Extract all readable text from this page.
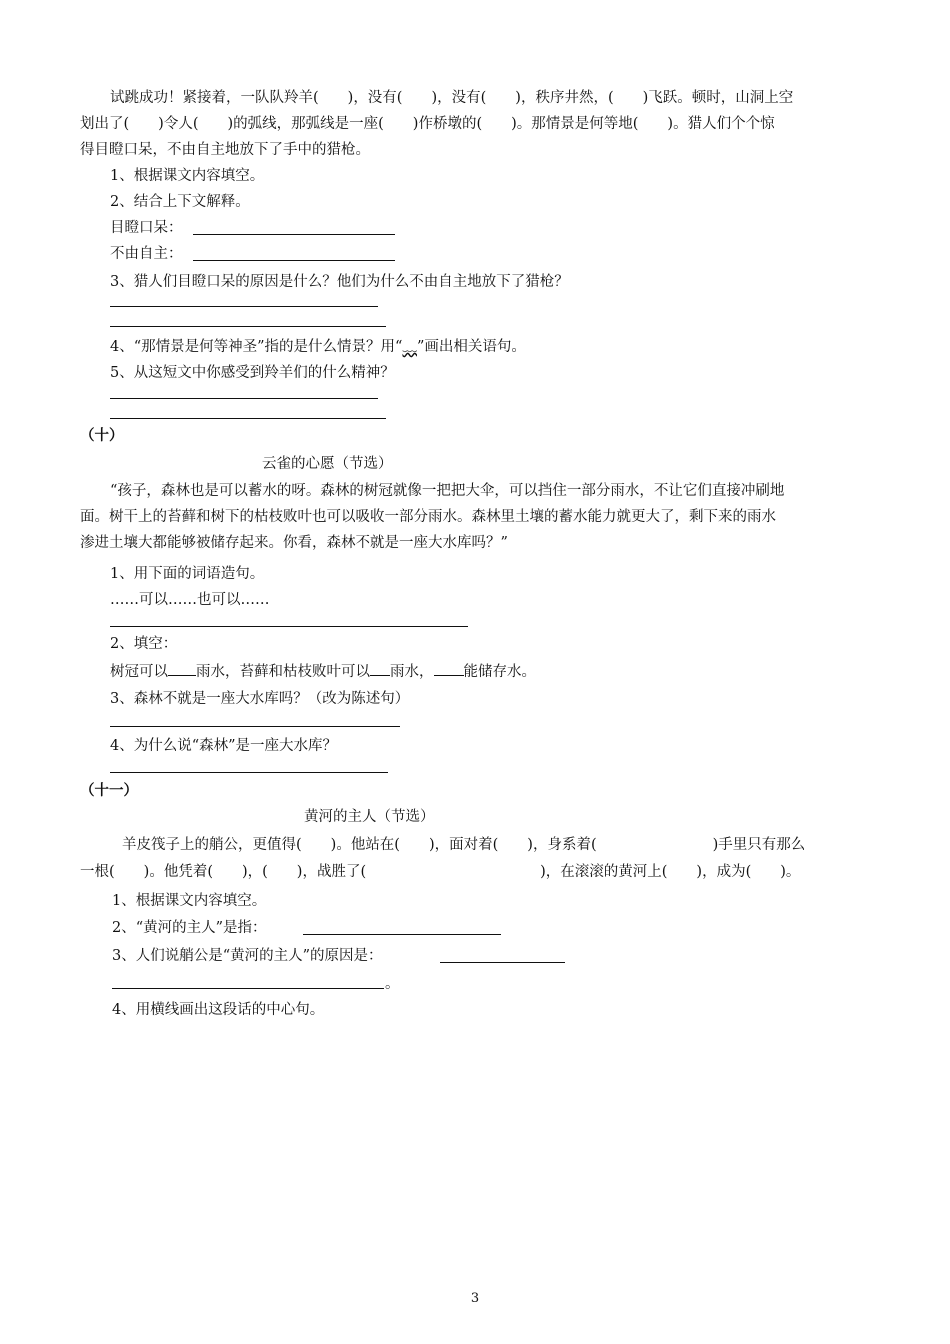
试跳成功！紧接着，一队队羚羊(　　)，没有(　　)，没有(　　)，秩序井然，(　　)飞跃。顿时，山洞上空
划出了(　　)令人(　　)的弧线，那弧线是一座(　　)作桥墩的(　　)。那情景是何等地(　　)。猎人们个个惊
得目瞪口呆，不由自主地放下了手中的猎枪。
1、根据课文内容填空。
2、结合上下文解释。
目瞪口呆：
不由自主：
3、猎人们目瞪口呆的原因是什么？他们为什么不由自主地放下了猎枪？
4、“那情景是何等神圣”指的是什么情景？用“﹏”画出相关语句。
5、从这短文中你感受到羚羊们的什么精神？
（十）
云雀的心愿（节选）
“孩子，森林也是可以蓄水的呀。森林的树冠就像一把把大伞，可以挡住一部分雨水，不让它们直接冲刷地
面。树干上的苔藓和树下的枯枝败叶也可以吸收一部分雨水。森林里土壤的蓄水能力就更大了，剩下来的雨水
渗进土壤大都能够被储存起来。你看，森林不就是一座大水库吗？”
1、用下面的词语造句。
……可以……也可以……
2、填空：
树冠可以 雨水，苔藓和枯枝败叶可以 雨水， 能储存水。
3、森林不就是一座大水库吗？（改为陈述句）
4、为什么说“森林”是一座大水库？
（十一）
黄河的主人（节选）
羊皮筏子上的艄公，更值得(　　)。他站在(　　)，面对着(　　)，身系着(　　　　　　　　)手里只有那么
一根(　　)。他凭着(　　)，(　　)，战胜了(　　　　　　　　　　　　)，在滚滚的黄河上(　　)，成为(　　)。
1、根据课文内容填空。
2、“黄河的主人”是指：
3、人们说艄公是“黄河的主人”的原因是：
。
4、用横线画出这段话的中心句。
3
